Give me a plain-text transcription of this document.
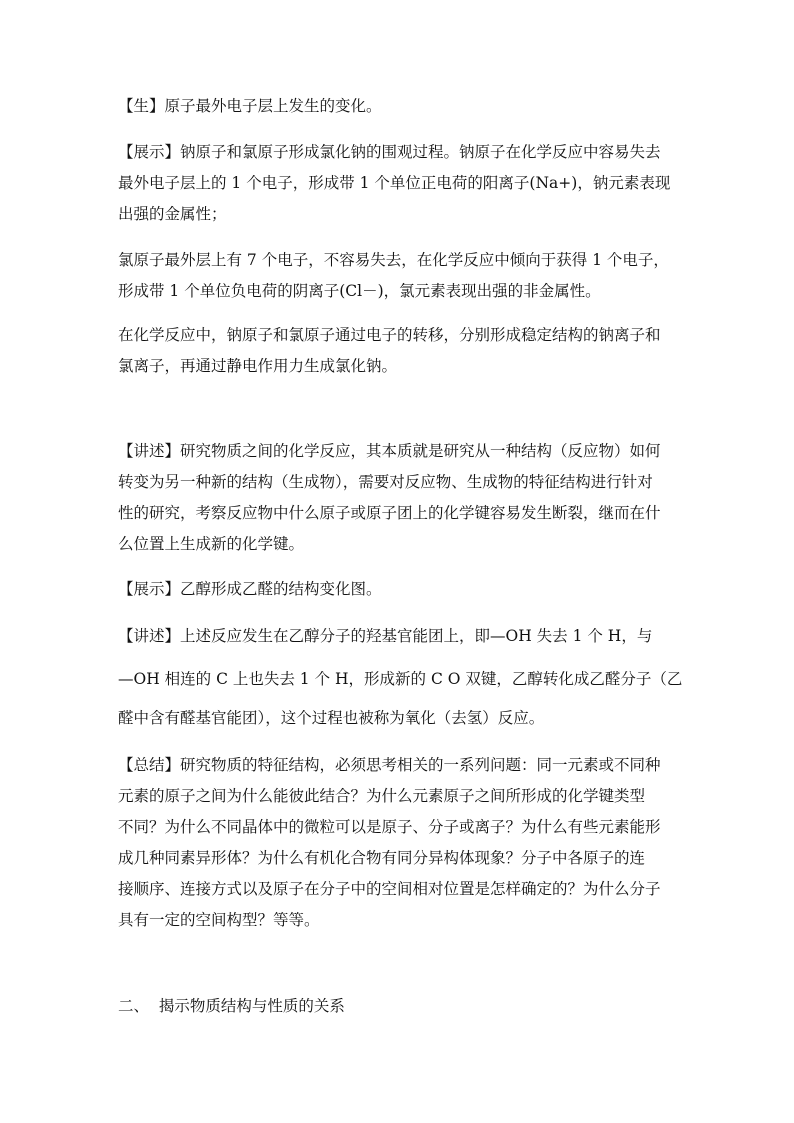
【生】原子最外电子层上发生的变化。
【展示】钠原子和氯原子形成氯化钠的围观过程。钠原子在化学反应中容易失去
最外电子层上的 1 个电子，形成带 1 个单位正电荷的阳离子(Na+)，钠元素表现
出强的金属性；
氯原子最外层上有 7 个电子，不容易失去，在化学反应中倾向于获得 1 个电子，
形成带 1 个单位负电荷的阴离子(Cl－)，氯元素表现出强的非金属性。
在化学反应中，钠原子和氯原子通过电子的转移，分别形成稳定结构的钠离子和
氯离子，再通过静电作用力生成氯化钠。
【讲述】研究物质之间的化学反应，其本质就是研究从一种结构（反应物）如何
转变为另一种新的结构（生成物），需要对反应物、生成物的特征结构进行针对
性的研究，考察反应物中什么原子或原子团上的化学键容易发生断裂，继而在什
么位置上生成新的化学键。
【展示】乙醇形成乙醛的结构变化图。
【讲述】上述反应发生在乙醇分子的羟基官能团上，即—OH 失去 1 个 H，与
—OH 相连的 C 上也失去 1 个 H，形成新的 C O 双键，乙醇转化成乙醛分子（乙
醛中含有醛基官能团），这个过程也被称为氧化（去氢）反应。
【总结】研究物质的特征结构，必须思考相关的一系列问题：同一元素或不同种
元素的原子之间为什么能彼此结合？为什么元素原子之间所形成的化学键类型
不同？为什么不同晶体中的微粒可以是原子、分子或离子？为什么有些元素能形
成几种同素异形体？为什么有机化合物有同分异构体现象？分子中各原子的连
接顺序、连接方式以及原子在分子中的空间相对位置是怎样确定的？为什么分子
具有一定的空间构型？等等。
二、  揭示物质结构与性质的关系
